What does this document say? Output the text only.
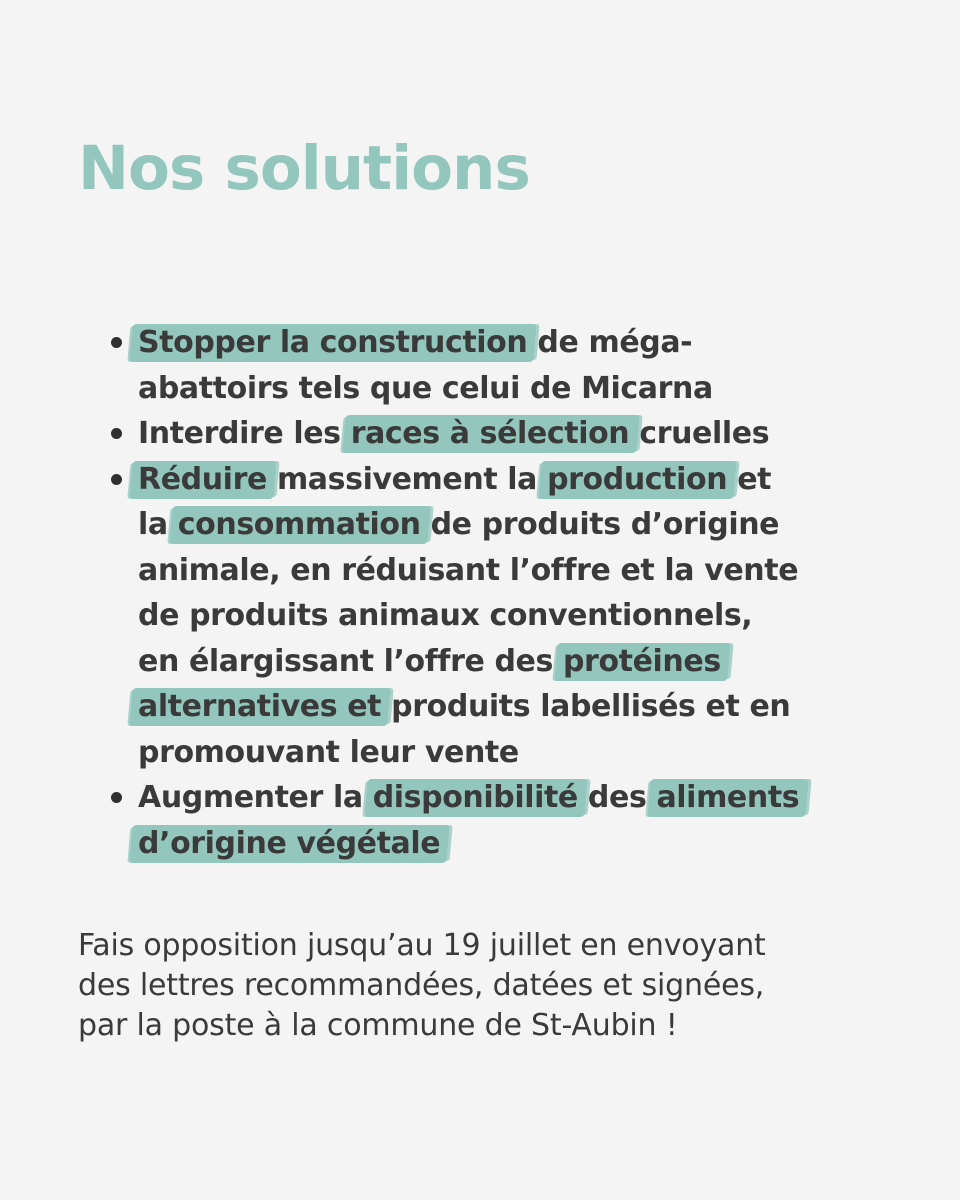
Nos solutions
Stopper la construction de méga-
abattoirs tels que celui de Micarna
Interdire les races à sélection cruelles
Réduire massivement la production et
la consommation de produits d’origine
animale, en réduisant l’offre et la vente
de produits animaux conventionnels,
en élargissant l’offre des protéines
alternatives et produits labellisés et en
promouvant leur vente
Augmenter la disponibilité des aliments
d’origine végétale

Fais opposition jusqu’au 19 juillet en envoyant
des lettres recommandées, datées et signées,
par la poste à la commune de St-Aubin !
